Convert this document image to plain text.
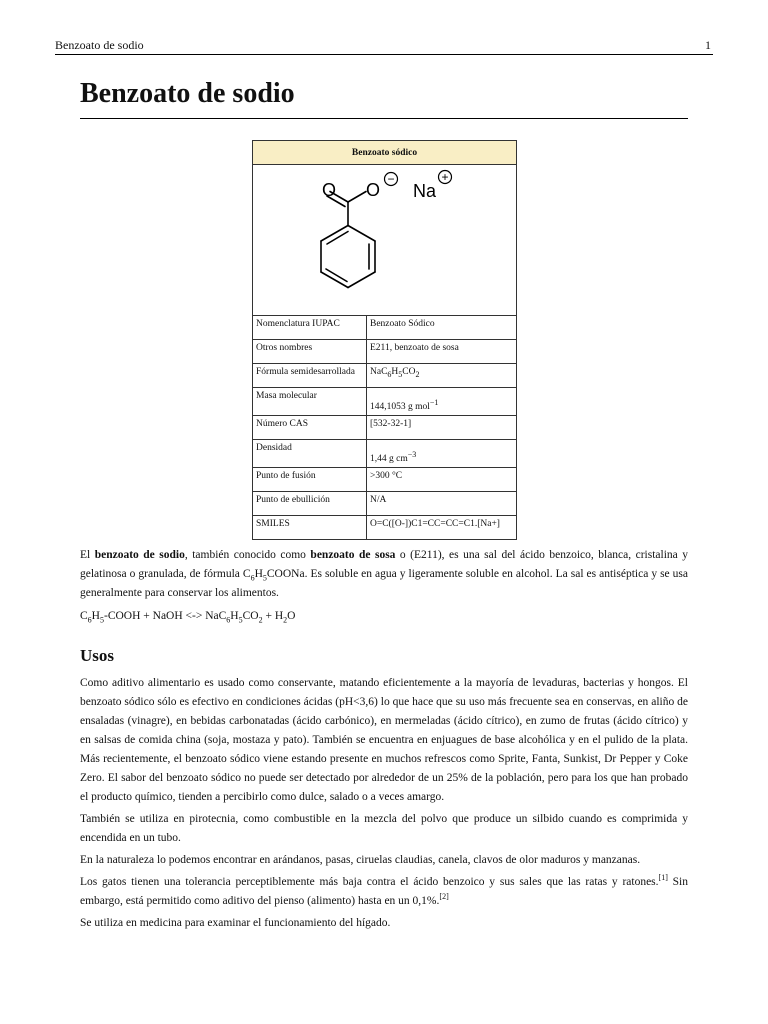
Benzoato de sodio	1
Benzoato de sodio
Benzoato sódico	

O O
−
Na
+	

Nomenclatura IUPAC	Benzoato Sódico
Otros nombres	E211, benzoato de sosa
Fórmula semidesarrollada	$NaC_6H_5CO_2$
Masa molecular	144,1053 g mol$^{-1}$
Número CAS	[532-32-1]
Densidad	1,44 g $cm^{-3}$
Punto de fusión	>300 °C
Punto de ebullición	N/A
SMILES	O=C([O-])C1=CC=CC=C1.[Na+]

El benzoato de sodio, también conocido como benzoato de sosa o (E211), es una sal del ácido benzoico, blanca, cristalina y gelatinosa o granulada, de fórmula $C_6H_5COONa$. Es soluble en agua y ligeramente soluble en alcohol. La sal es antiséptica y se usa generalmente para conservar los alimentos.

$C_6H_5$-COOH + NaOH <-> $NaC_6H_5CO_2 + H_2O$

Usos

Como aditivo alimentario es usado como conservante, matando eficientemente a la mayoría de levaduras, bacterias y hongos. El benzoato sódico sólo es efectivo en condiciones ácidas (pH<3,6) lo que hace que su uso más frecuente sea en conservas, en aliño de ensaladas (vinagre), en bebidas carbonatadas (ácido carbónico), en mermeladas (ácido cítrico), en zumo de frutas (ácido cítrico) y en salsas de comida china (soja, mostaza y pato). También se encuentra en enjuagues de base alcohólica y en el pulido de la plata. Más recientemente, el benzoato sódico viene estando presente en muchos refrescos como Sprite, Fanta, Sunkist, Dr Pepper y Coke Zero. El sabor del benzoato sódico no puede ser detectado por alrededor de un 25% de la población, pero para los que han probado el producto químico, tienden a percibirlo como dulce, salado o a veces amargo.

También se utiliza en pirotecnia, como combustible en la mezcla del polvo que produce un silbido cuando es comprimida y encendida en un tubo.

En la naturaleza lo podemos encontrar en arándanos, pasas, ciruelas claudias, canela, clavos de olor maduros y manzanas.

Los gatos tienen una tolerancia perceptiblemente más baja contra el ácido benzoico y sus sales que las ratas y ratones.[1] Sin embargo, está permitido como aditivo del pienso (alimento) hasta en un 0,1%.[2]

Se utiliza en medicina para examinar el funcionamiento del hígado.
